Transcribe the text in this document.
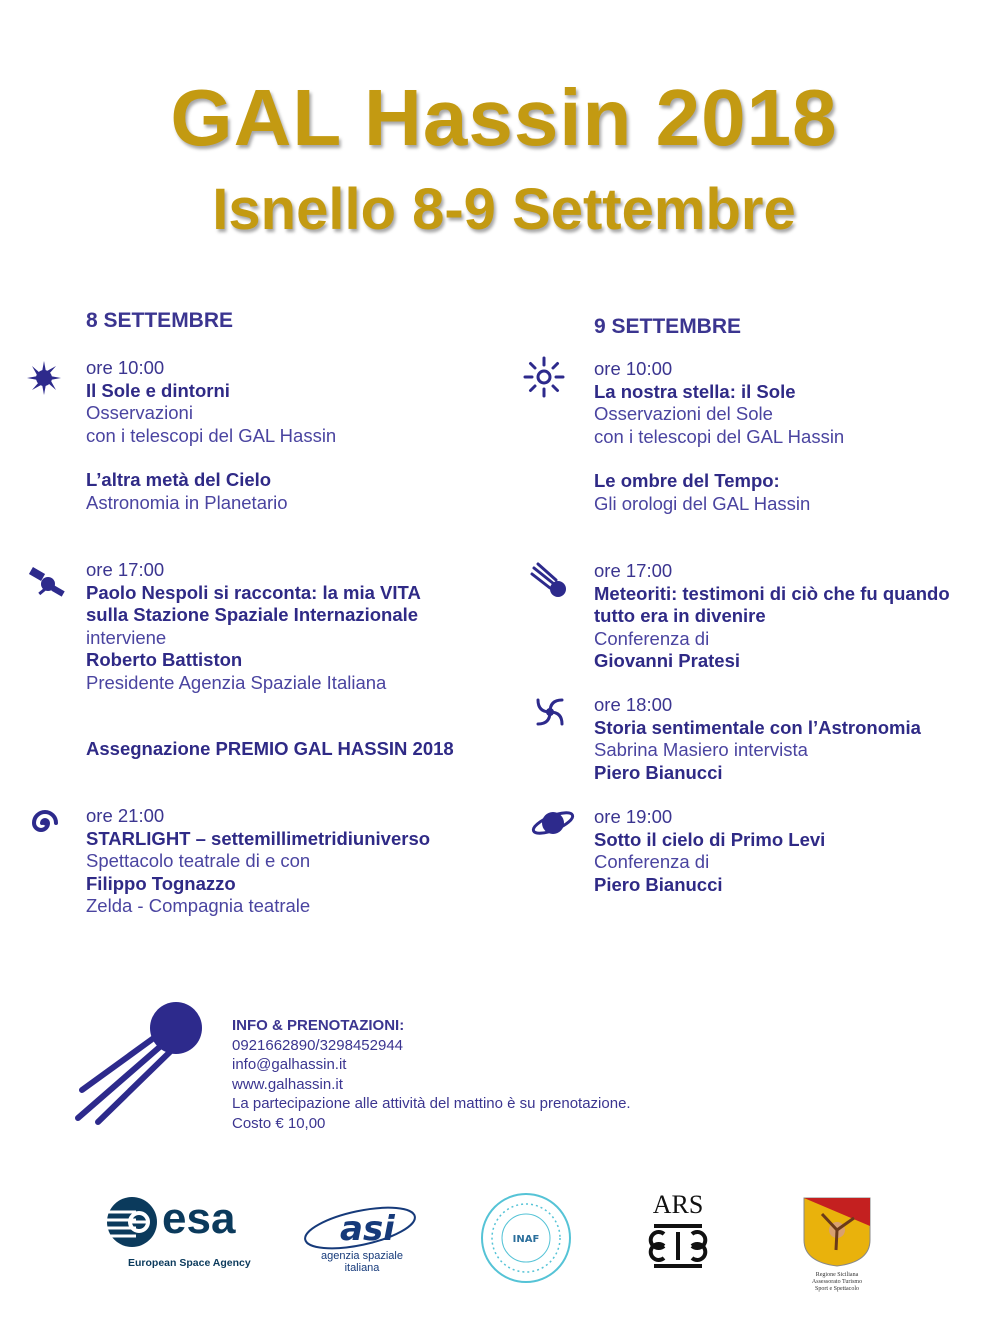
GAL Hassin 2018
Isnello 8-9 Settembre
8 SETTEMBRE
ore 10:00
Il Sole e dintorni
Osservazioni
con i telescopi del GAL Hassin
L’altra metà del Cielo
Astronomia in Planetario
ore 17:00
Paolo Nespoli si racconta: la mia VITA
sulla Stazione Spaziale Internazionale
interviene
Roberto Battiston
Presidente Agenzia Spaziale Italiana
Assegnazione PREMIO GAL HASSIN 2018
ore 21:00
STARLIGHT – settemillimetridiuniverso
Spettacolo teatrale di e con
Filippo Tognazzo
Zelda - Compagnia teatrale
9 SETTEMBRE
ore 10:00
La nostra stella: il Sole
Osservazioni del Sole
con i telescopi del GAL Hassin
Le ombre del Tempo:
Gli orologi del GAL Hassin
ore 17:00
Meteoriti: testimoni di ciò che fu quando
tutto era in divenire
Conferenza di
Giovanni Pratesi
ore 18:00
Storia sentimentale con l’Astronomia
Sabrina Masiero intervista
Piero Bianucci
ore 19:00
Sotto il cielo di Primo Levi
Conferenza di
Piero Bianucci
INFO & PRENOTAZIONI:
0921662890/3298452944
info@galhassin.it
www.galhassin.it
La partecipazione alle attività del mattino è su prenotazione.
Costo € 10,00
esa
European Space Agency
asi
agenzia spaziale
italiana
INAF
ARS
Regione Siciliana
Assessorato Turismo
Sport e Spettacolo
